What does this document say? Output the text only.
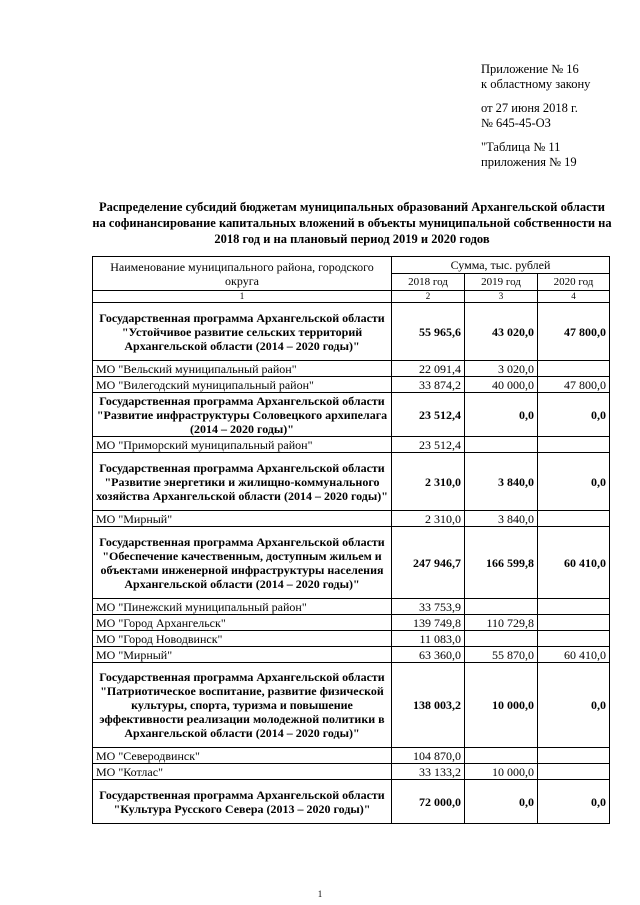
Приложение № 16
к областному закону
от 27 июня 2018 г.
№ 645-45-ОЗ
"Таблица № 11
приложения № 19
Распределение субсидий бюджетам муниципальных образований Архангельской области на софинансирование капитальных вложений в объекты муниципальной собственности на 2018 год и на плановый период 2019 и 2020 годов
Наименование муниципального района, городского округа	Сумма, тыс. рублей		
	2018 год	2019 год	2020 год
1	2	3	4
Государственная программа Архангельской области "Устойчивое развитие сельских территорий Архангельской области (2014 – 2020 годы)"	55 965,6	43 020,0	47 800,0
МО "Вельский муниципальный район"	22 091,4	3 020,0	
МО "Вилегодский муниципальный район"	33 874,2	40 000,0	47 800,0
Государственная программа Архангельской области "Развитие инфраструктуры Соловецкого архипелага (2014 – 2020 годы)"	23 512,4	0,0	0,0
МО "Приморский муниципальный район"	23 512,4		
Государственная программа Архангельской области "Развитие энергетики и жилищно-коммунального хозяйства Архангельской области (2014 – 2020 годы)"	2 310,0	3 840,0	0,0
МО "Мирный"	2 310,0	3 840,0	
Государственная программа Архангельской области "Обеспечение качественным, доступным жильем и объектами инженерной инфраструктуры населения Архангельской области (2014 – 2020 годы)"	247 946,7	166 599,8	60 410,0
МО "Пинежский муниципальный район"	33 753,9		
МО "Город Архангельск"	139 749,8	110 729,8	
МО "Город Новодвинск"	11 083,0		
МО "Мирный"	63 360,0	55 870,0	60 410,0
Государственная программа Архангельской области "Патриотическое воспитание, развитие физической культуры, спорта, туризма и повышение эффективности реализации молодежной политики в Архангельской области (2014 – 2020 годы)"	138 003,2	10 000,0	0,0
МО "Северодвинск"	104 870,0		
МО "Котлас"	33 133,2	10 000,0	
Государственная программа Архангельской области "Культура Русского Севера (2013 – 2020 годы)"	72 000,0	0,0	0,0
1
